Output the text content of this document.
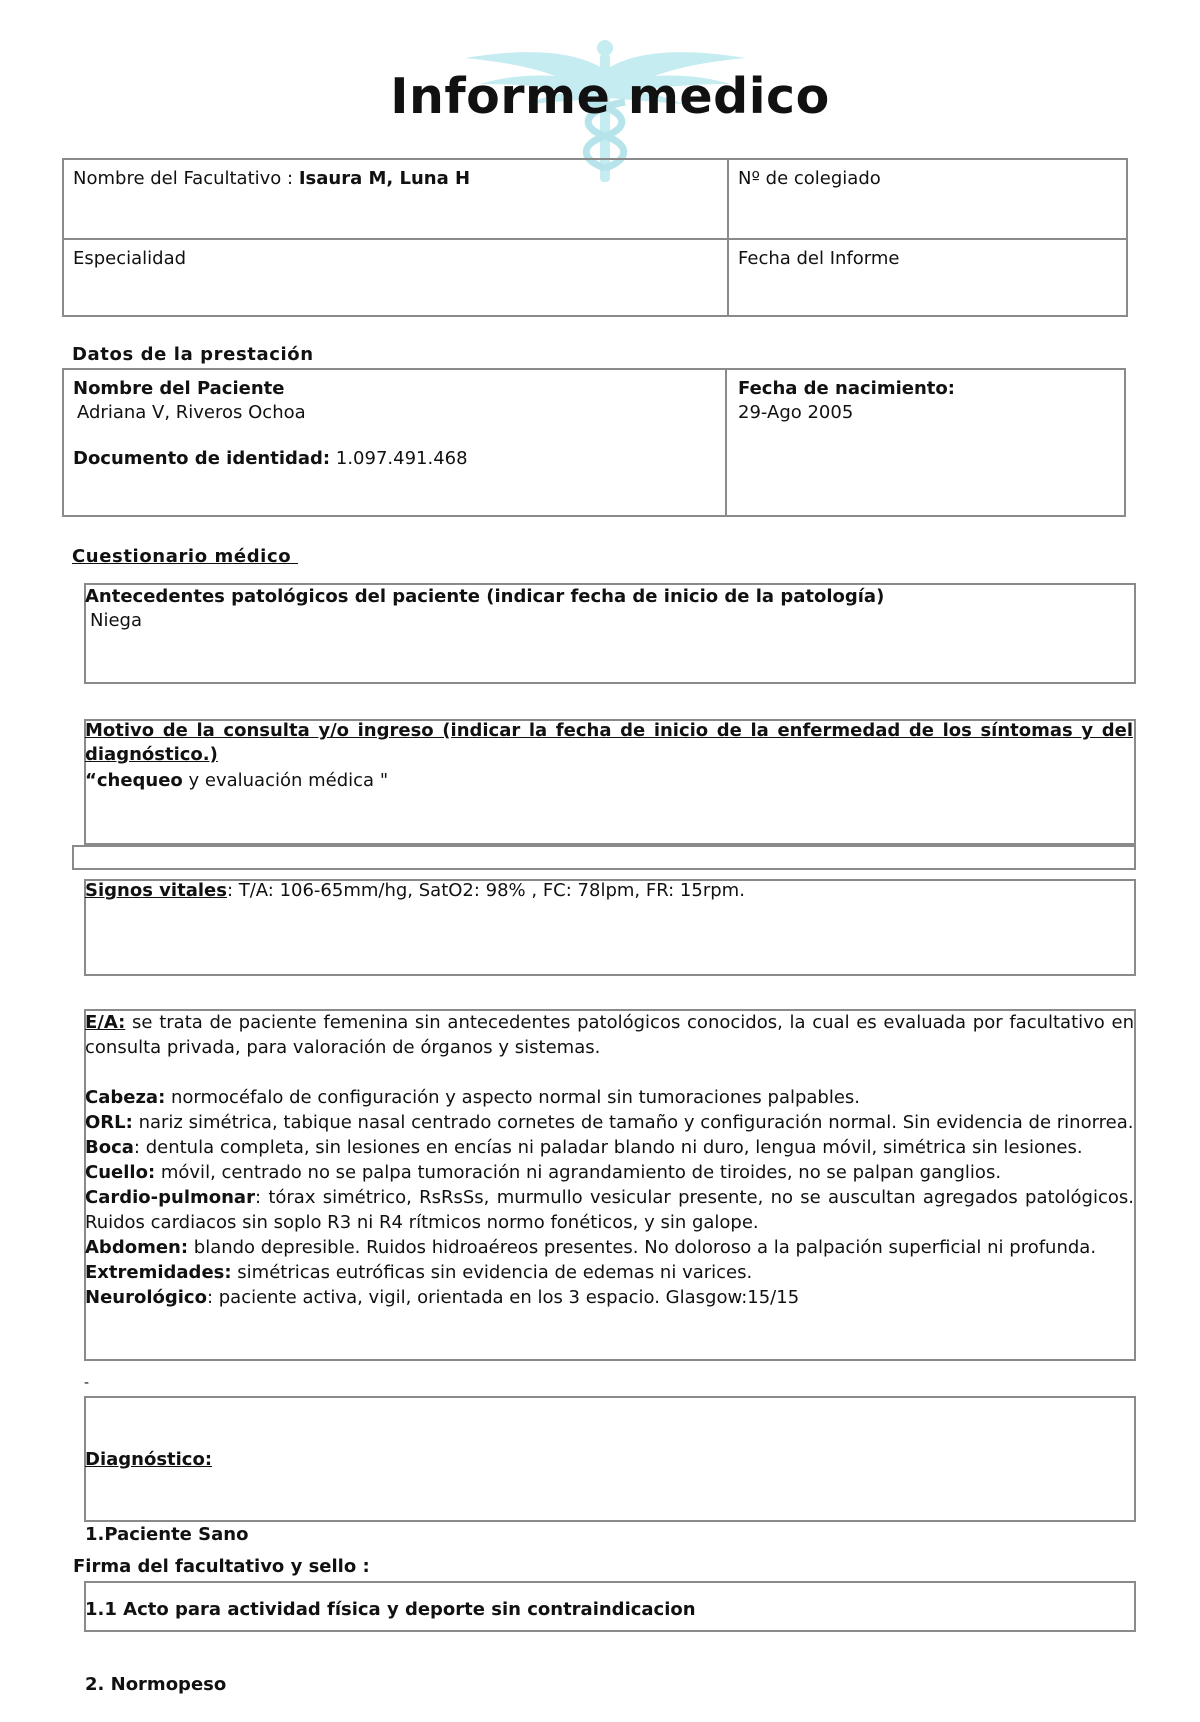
Informe medico
Nombre del Facultativo : Isaura M, Luna H	Nº de colegiado
Especialidad	Fecha del Informe
Datos de la prestación
Nombre del Paciente
Adriana V, Riveros Ochoa
Documento de identidad: 1.097.491.468
Fecha de nacimiento:
29-Ago 2005
Cuestionario médico
Antecedentes patológicos del paciente (indicar fecha de inicio de la patología)
Niega
Motivo de la consulta y/o ingreso (indicar la fecha de inicio de la enfermedad de los síntomas y del diagnóstico.)
“chequeo y evaluación médica "
Signos vitales: T/A: 106-65mm/hg, SatO2: 98% , FC: 78lpm, FR: 15rpm.
E/A: se trata de paciente femenina sin antecedentes patológicos conocidos, la cual es evaluada por facultativo en consulta privada, para valoración de órganos y sistemas.
Cabeza: normocéfalo de configuración y aspecto normal sin tumoraciones palpables.
ORL: nariz simétrica, tabique nasal centrado cornetes de tamaño y configuración normal. Sin evidencia de rinorrea.
Boca: dentula completa, sin lesiones en encías ni paladar blando ni duro, lengua móvil, simétrica sin lesiones.
Cuello: móvil, centrado no se palpa tumoración ni agrandamiento de tiroides, no se palpan ganglios.
Cardio-pulmonar: tórax simétrico, RsRsSs, murmullo vesicular presente, no se auscultan agregados patológicos. Ruidos cardiacos sin soplo R3 ni R4 rítmicos normo fonéticos, y sin galope.
Abdomen: blando depresible. Ruidos hidroaéreos presentes. No doloroso a la palpación superficial ni profunda.
Extremidades: simétricas eutróficas sin evidencia de edemas ni varices.
Neurológico: paciente activa, vigil, orientada en los 3 espacio. Glasgow:15/15
-

Diagnóstico:

1.Paciente Sano

1.1 Acto para actividad física y deporte sin contraindicacion

2. Normopeso

Firma del facultativo y sello :
